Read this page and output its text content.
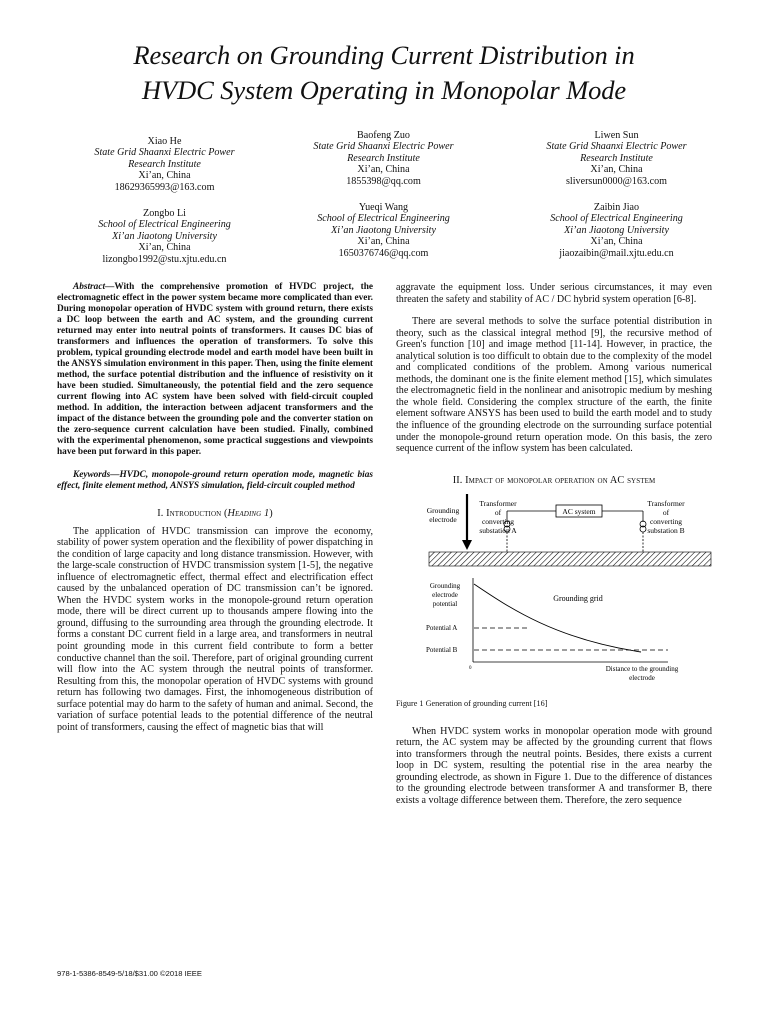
Research on Grounding Current Distribution in
HVDC System Operating in Monopolar Mode
Xiao He
State Grid Shaanxi Electric Power
Research Institute
Xi’an, China
18629365993@163.com
Baofeng Zuo
State Grid Shaanxi Electric Power
Research Institute
Xi’an, China
1855398@qq.com
Liwen Sun
State Grid Shaanxi Electric Power
Research Institute
Xi’an, China
sliversun0000@163.com
Zongbo Li
School of Electrical Engineering
Xi’an Jiaotong University
Xi’an, China
lizongbo1992@stu.xjtu.edu.cn
Yueqi Wang
School of Electrical Engineering
Xi’an Jiaotong University
Xi’an, China
1650376746@qq.com
Zaibin Jiao
School of Electrical Engineering
Xi’an Jiaotong University
Xi’an, China
jiaozaibin@mail.xjtu.edu.cn
Abstract—With the comprehensive promotion of HVDC project, the electromagnetic effect in the power system became more complicated than ever. During monopolar operation of HVDC system with ground return, there exists a DC loop between the earth and AC system, and the grounding current returned may enter into neutral points of transformers. It causes DC bias of transformers and influences the operation of transformers. To solve this problem, typical grounding electrode model and earth model have been built in the ANSYS simulation environment in this paper. Then, using the finite element method, the surface potential distribution and the influence of resistivity on it have been studied. Simultaneously, the potential field and the zero sequence current flowing into AC system have been solved with field-circuit coupled method. In addition, the interaction between adjacent transformers and the impact of the distance between the grounding pole and the converter station on the zero-sequence current calculation have been studied. Finally, combined with the experimental phenomenon, some practical suggestions and viewpoints have been put forward in this paper.
Keywords—HVDC, monopole-ground return operation mode, magnetic bias effect, finite element method, ANSYS simulation, field-circuit coupled method
I. Introduction (Heading 1)

The application of HVDC transmission can improve the economy, stability of power system operation and the flexibility of power dispatching in the condition of large capacity and long distance transmission. However, with the large-scale construction of HVDC transmission system [1-5], the negative influence of electromagnetic effect, thermal effect and electrification effect caused by the unbalanced operation of DC transmission can’t be ignored. When the HVDC system works in the monopole-ground return operation mode, there will be direct current up to thousands ampere flowing into the ground, diffusing to the surrounding area through the grounding electrode. It forms a constant DC current field in a large area, and transformers in neutral point grounding mode in this current field contribute to form a better conductive channel than the soil. Therefore, part of original grounding current will flow into the AC system through the neutral points of transformer. Resulting from this, the monopolar operation of HVDC systems with ground return has following two damages. First, the inhomogeneous distribution of surface potential may do harm to the safety of human and animal. Second, the variation of surface potential leads to the potential difference of the neutral point of transformers, causing the effect of magnetic bias that will

aggravate the equipment loss. Under serious circumstances, it may even threaten the safety and stability of AC / DC hybrid system operation [6-8].

There are several methods to solve the surface potential distribution in theory, such as the classical integral method [9], the recursive method of Green's function [10] and image method [11-14]. However, in practice, the analytical solution is too difficult to obtain due to the complexity of the model and complicated conditions of the problem. Among various numerical methods, the dominant one is the finite element method [15], which simulates the electromagnetic field in the nonlinear and anisotropic medium by meshing the whole field. Considering the complex structure of the earth, the finite element software ANSYS has been used to build the earth model and to study the influence of the grounding electrode on the surrounding surface potential under the monopole-ground return operation mode. On this basis, the zero sequence current of the inflow system has been calculated.

II. Impact of monopolar operation on AC system
AC system
Grounding
electrode
Transformer
of
converting
substation A
Transformer
of
converting
substation B
Grounding grid
Grounding
electrode
potential
Potential A
Potential B
0	Distance to the grounding
electrode
Figure 1 Generation of grounding current [16]

When HVDC system works in monopolar operation mode with ground return, the AC system may be affected by the grounding current that flows into transformers through the neutral points. Besides, there exists a current loop in DC system, resulting the potential rise in the area nearby the grounding electrode, as shown in Figure 1. Due to the difference of distances to the grounding electrode between transformer A and transformer B, there exists a voltage difference between them. Therefore, the zero sequence

978-1-5386-8549-5/18/$31.00 ©2018 IEEE
